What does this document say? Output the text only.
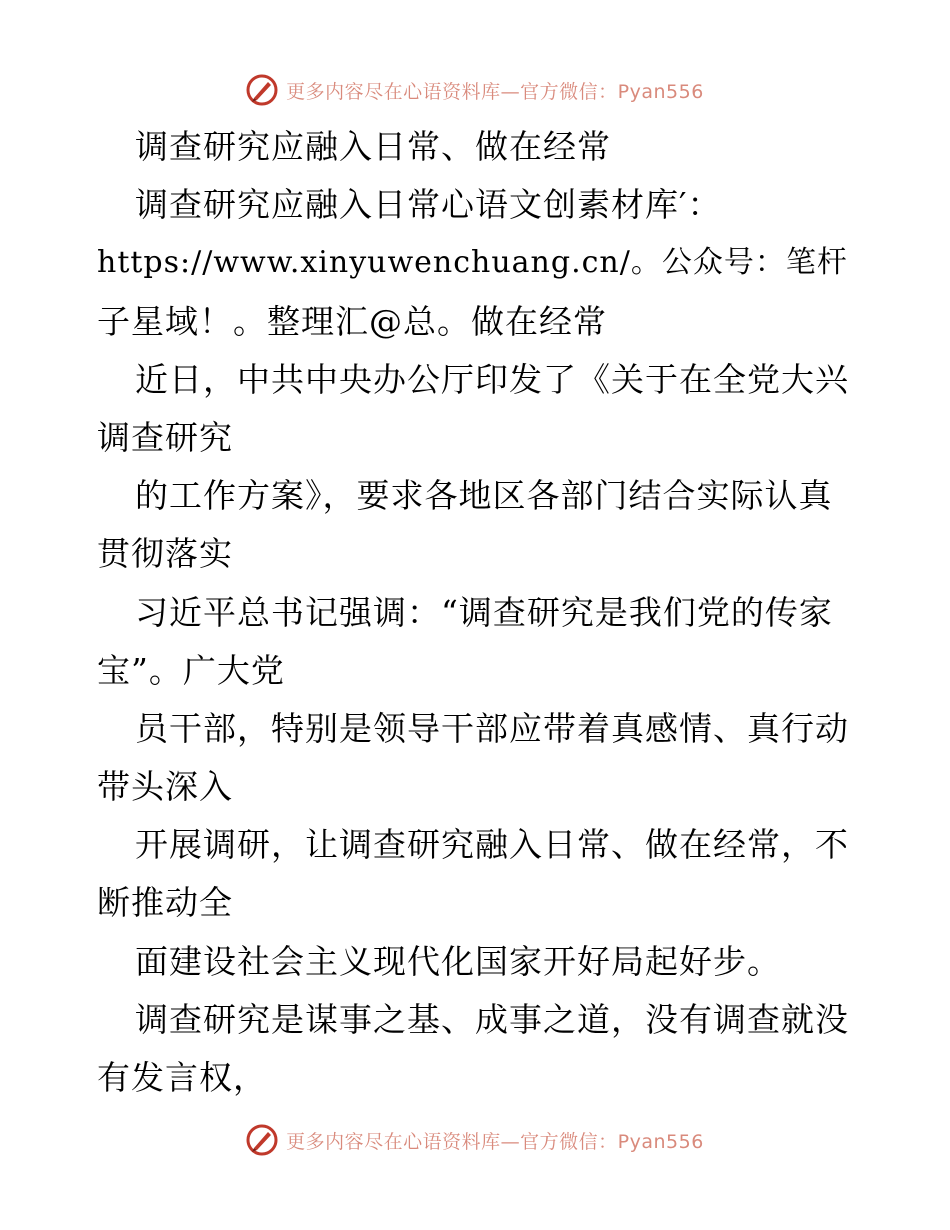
更多内容尽在心语资料库—官方微信：Pyan556
调查研究应融入日常、做在经常
调查研究应融入日常心语文创素材库′：
https://www.xinyuwenchuang.cn/。公众号：笔杆
子星域！。整理汇@总。做在经常
近日，中共中央办公厅印发了《关于在全党大兴
调查研究
的工作方案》，要求各地区各部门结合实际认真
贯彻落实
习近平总书记强调：“调查研究是我们党的传家
宝”。广大党
员干部，特别是领导干部应带着真感情、真行动
带头深入
开展调研，让调查研究融入日常、做在经常，不
断推动全
面建设社会主义现代化国家开好局起好步。
调查研究是谋事之基、成事之道，没有调查就没
有发言权，
更多内容尽在心语资料库—官方微信：Pyan556
